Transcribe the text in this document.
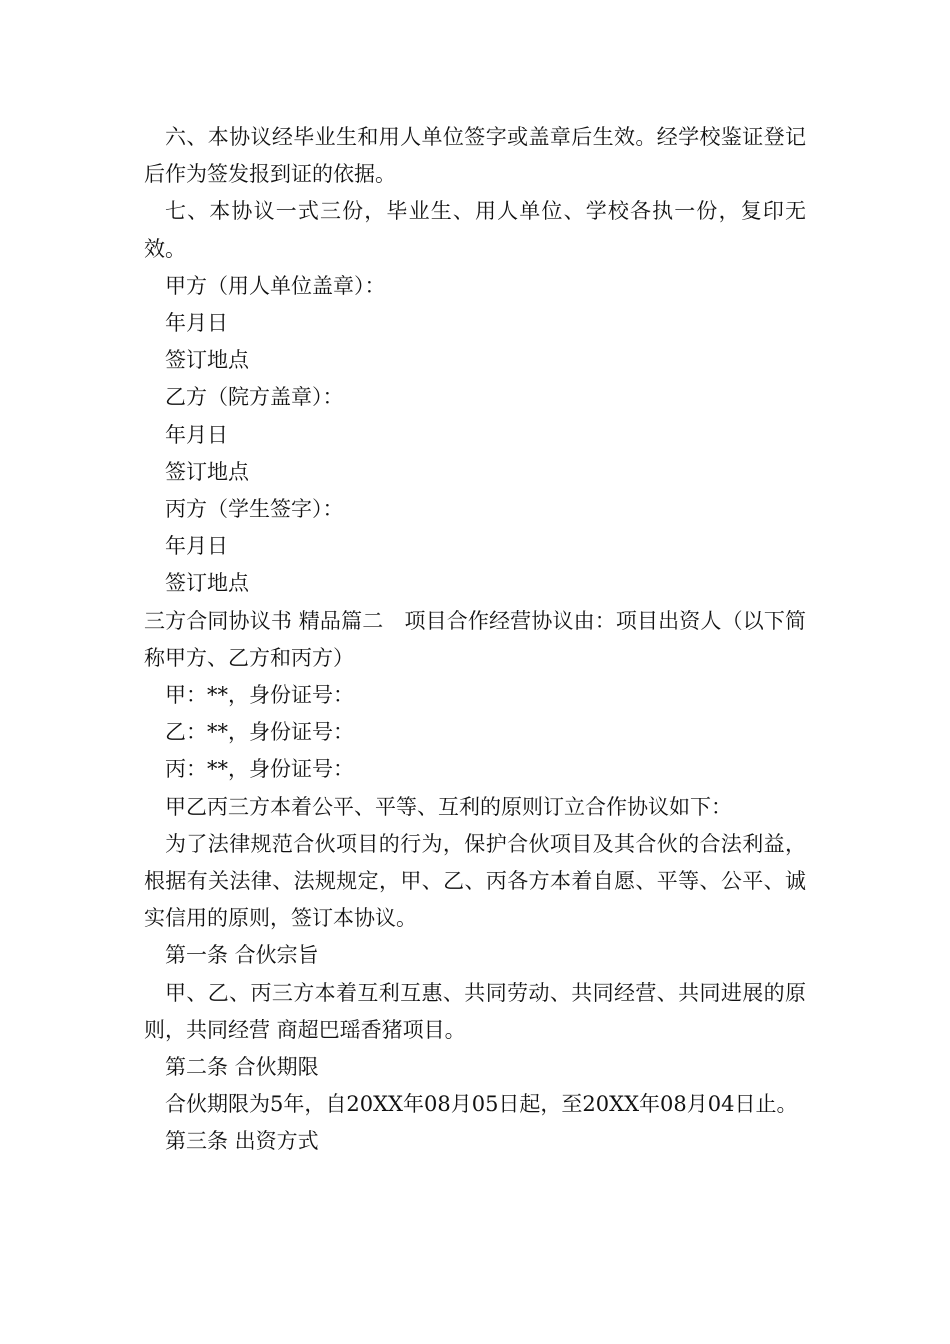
六、本协议经毕业生和用人单位签字或盖章后生效。经学校鉴证登记后作为签发报到证的依据。

七、本协议一式三份，毕业生、用人单位、学校各执一份，复印无效。

甲方（用人单位盖章）：

年月日

签订地点

乙方（院方盖章）：

年月日

签订地点

丙方（学生签字）：

年月日

签订地点

三方合同协议书 精品篇二　项目合作经营协议由：项目出资人（以下简称甲方、乙方和丙方）

甲：**，身份证号：

乙：**，身份证号：

丙：**，身份证号：

甲乙丙三方本着公平、平等、互利的原则订立合作协议如下：

为了法律规范合伙项目的行为，保护合伙项目及其合伙的合法利益，根据有关法律、法规规定，甲、乙、丙各方本着自愿、平等、公平、诚实信用的原则，签订本协议。

第一条 合伙宗旨

甲、乙、丙三方本着互利互惠、共同劳动、共同经营、共同进展的原则，共同经营 商超巴瑶香猪项目。

第二条 合伙期限

合伙期限为5年，自20XX年08月05日起，至20XX年08月04日止。

第三条 出资方式
